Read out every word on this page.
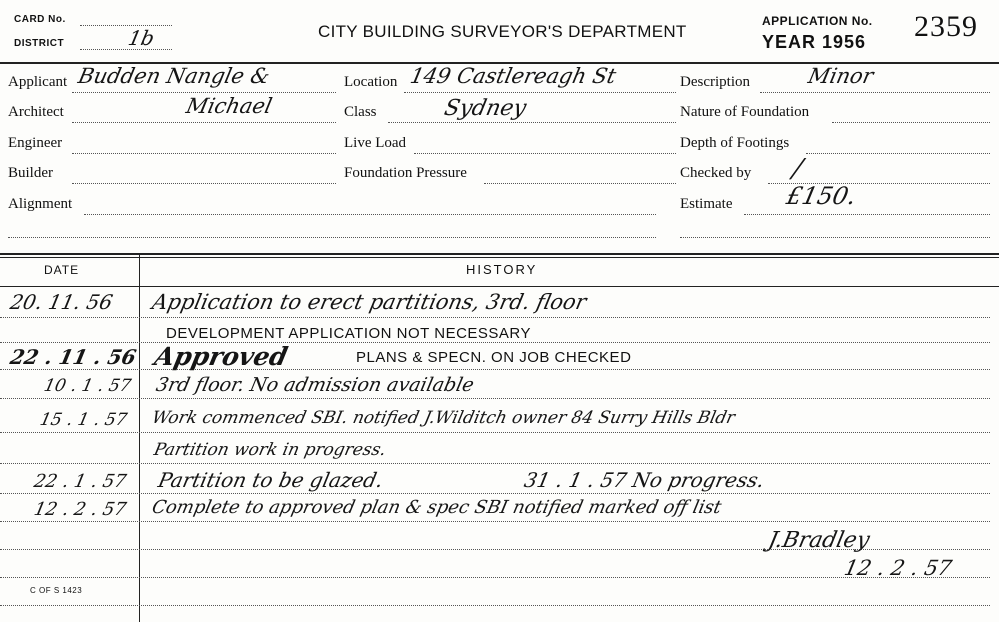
CARD No.
DISTRICT	1b	CITY BUILDING SURVEYOR'S DEPARTMENT
APPLICATION No. 2359
YEAR 1956
Applicant Budden Nangle &
Architect	Michael
Engineer
Builder
Alignment
Location 149 Castlereagh St
Class	Sydney
Live Load
Foundation Pressure
Description	Minor
Nature of Foundation
Depth of Footings
Checked by /
Estimate £150.
DATE	HISTORY
20. 11. 56 Application to erect partitions, 3rd. floor
DEVELOPMENT APPLICATION NOT NECESSARY
22 . 11 . 56 Approved	PLANS & SPECN. ON JOB CHECKED
10 . 1 . 57 3rd floor. No admission available
15 . 1 . 57 Work commenced SBI. notified J.Wilditch owner 84 Surry Hills Bldr
Partition work in progress.
22 . 1 . 57 Partition to be glazed.	31 . 1 . 57 No progress.
12 . 2 . 57 Complete to approved plan & spec SBI notified marked off list
J.Bradley
12 . 2 . 57
C OF S 1423
